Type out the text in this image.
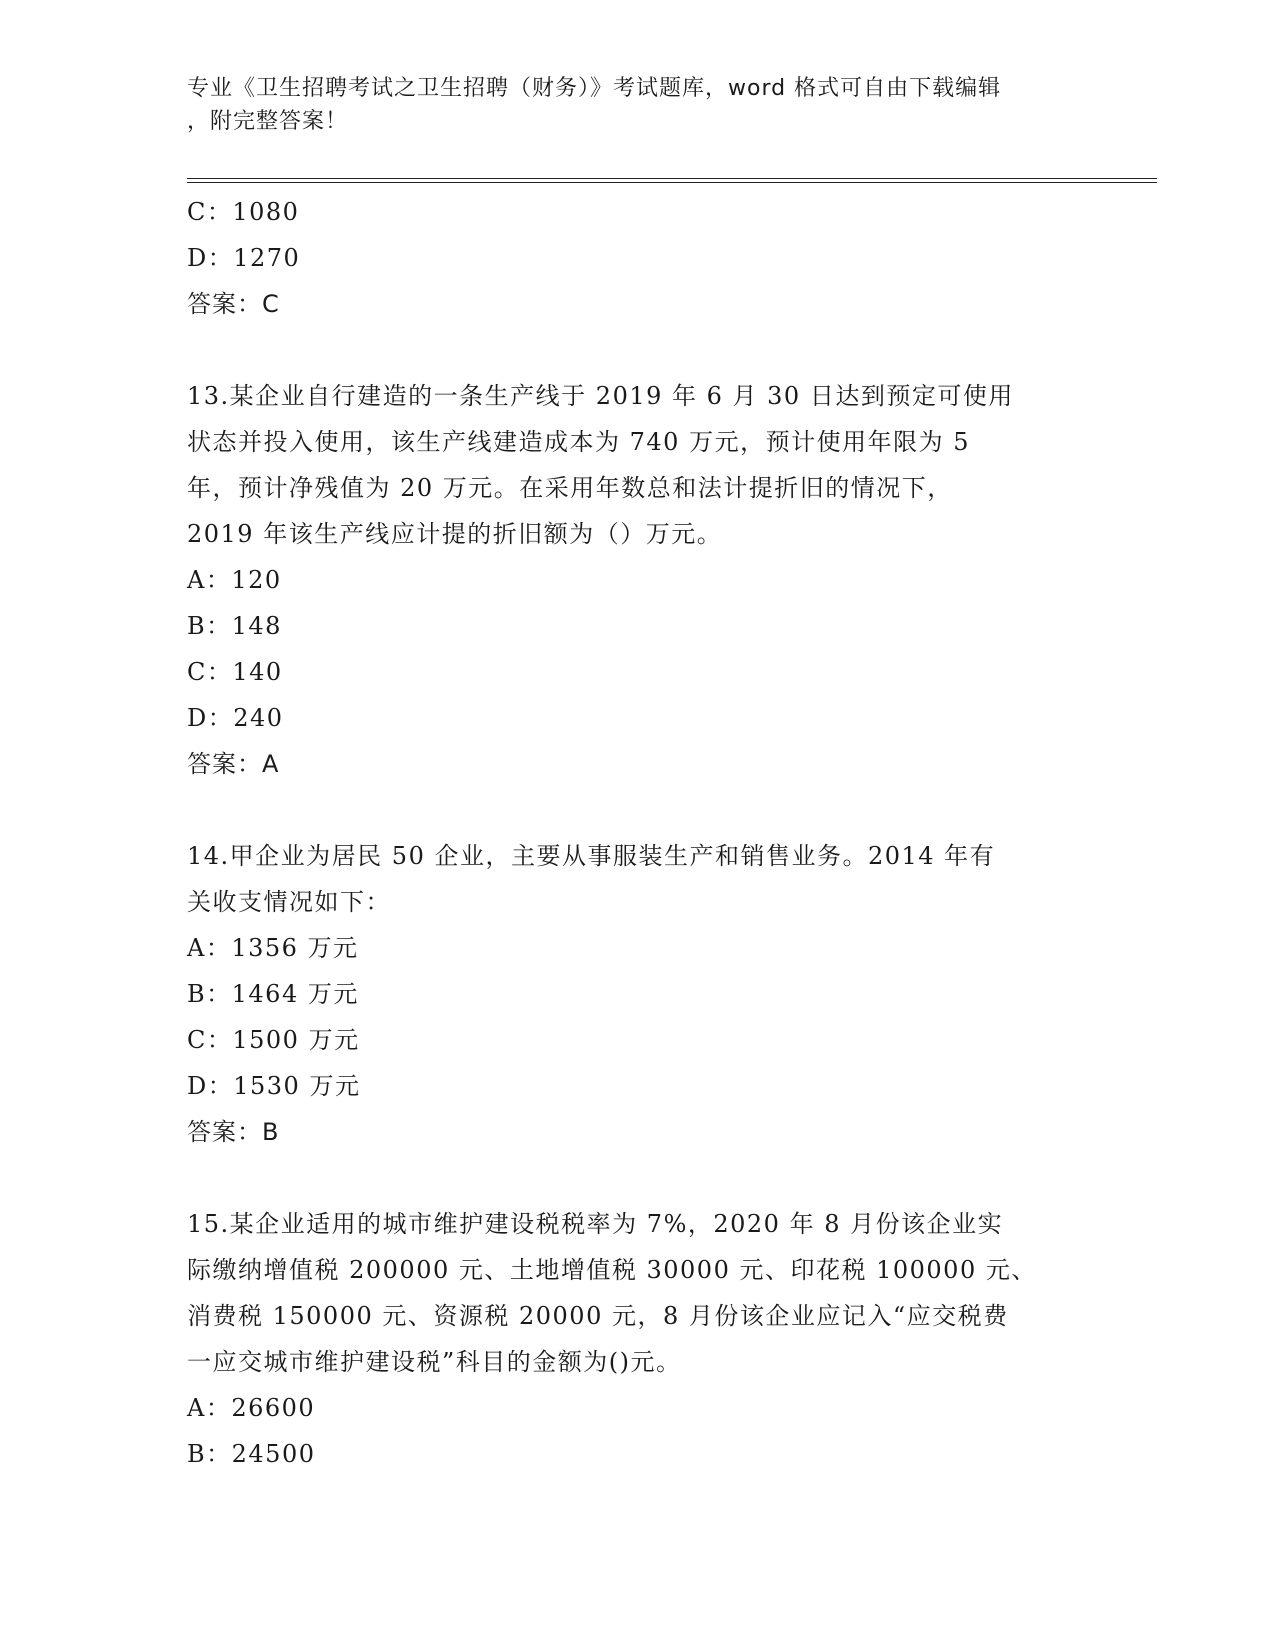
专业《卫生招聘考试之卫生招聘（财务）》考试题库，word 格式可自由下载编辑
，附完整答案！
C：1080
D：1270
答案：C
13.某企业自行建造的一条生产线于 2019 年 6 月 30 日达到预定可使用
状态并投入使用，该生产线建造成本为 740 万元，预计使用年限为 5
年，预计净残值为 20 万元。在采用年数总和法计提折旧的情况下，
2019 年该生产线应计提的折旧额为（）万元。
A：120
B：148
C：140
D：240
答案：A
14.甲企业为居民 50 企业，主要从事服装生产和销售业务。2014 年有
关收支情况如下：
A：1356 万元
B：1464 万元
C：1500 万元
D：1530 万元
答案：B
15.某企业适用的城市维护建设税税率为 7%，2020 年 8 月份该企业实
际缴纳增值税 200000 元、土地增值税 30000 元、印花税 100000 元、
消费税 150000 元、资源税 20000 元，8 月份该企业应记入“应交税费
一应交城市维护建设税”科目的金额为()元。
A：26600
B：24500
